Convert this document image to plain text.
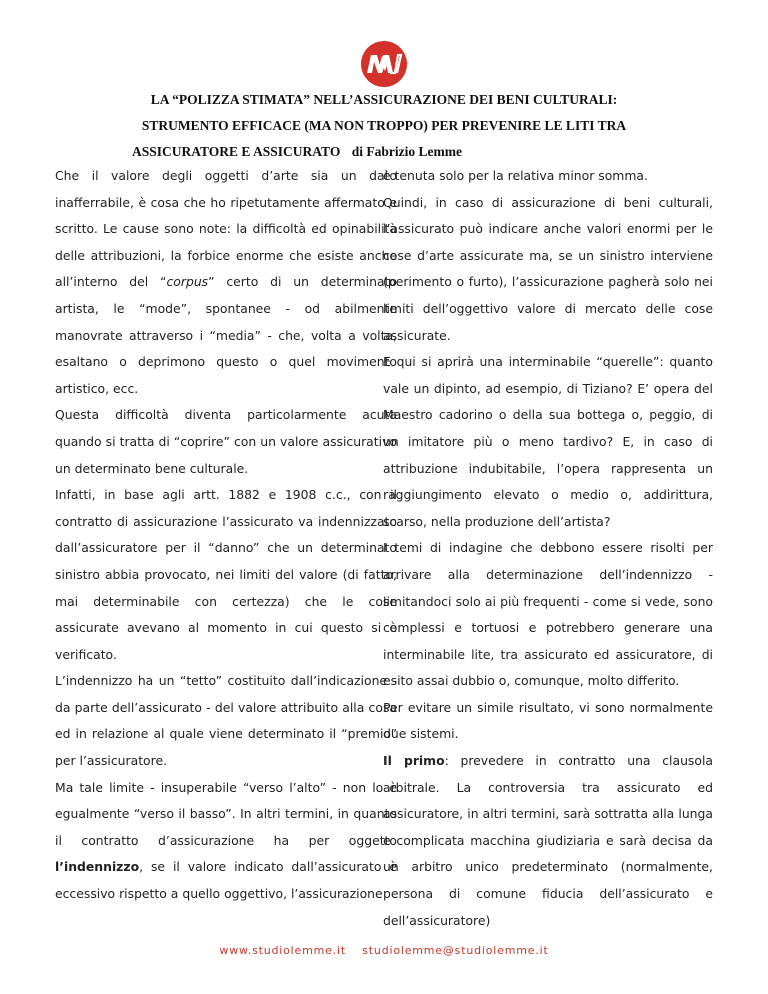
LA “POLIZZA STIMATA” NELL’ASSICURAZIONE DEI BENI CULTURALI:
STRUMENTO EFFICACE (MA NON TROPPO) PER PREVENIRE LE LITI TRA
ASSICURATORE E ASSICURATO di Fabrizio Lemme

Che il valore degli oggetti d’arte sia un dato inafferrabile, è cosa che ho ripetutamente affermato e scritto. Le cause sono note: la difficoltà ed opinabilità delle attribuzioni, la forbice enorme che esiste anche all’interno del “corpus” certo di un determinato artista, le “mode”, spontanee - od abilmente manovrate attraverso i “media” - che, volta a volta, esaltano o deprimono questo o quel movimento artistico, ecc.

Questa difficoltà diventa particolarmente acuta quando si tratta di “coprire” con un valore assicurativo un determinato bene culturale.

Infatti, in base agli artt. 1882 e 1908 c.c., con il contratto di assicurazione l’assicurato va indennizzato dall’assicuratore per il “danno” che un determinato sinistro abbia provocato, nei limiti del valore (di fatto, mai determinabile con certezza) che le cose assicurate avevano al momento in cui questo si è verificato.

L’indennizzo ha un “tetto” costituito dall’indicazione - da parte dell’assicurato - del valore attribuito alla cosa ed in relazione al quale viene determinato il “premio” per l’assicuratore.

Ma tale limite - insuperabile “verso l’alto” - non lo è egualmente “verso il basso”. In altri termini, in quanto il contratto d’assicurazione ha per oggetto l’indennizzo, se il valore indicato dall’assicurato è eccessivo rispetto a quello oggettivo, l’assicurazione

è tenuta solo per la relativa minor somma.

Quindi, in caso di assicurazione di beni culturali, l’assicurato può indicare anche valori enormi per le cose d’arte assicurate ma, se un sinistro interviene (perimento o furto), l’assicurazione pagherà solo nei limiti dell’oggettivo valore di mercato delle cose assicurate.

E qui si aprirà una interminabile “querelle”: quanto vale un dipinto, ad esempio, di Tiziano? E’ opera del Maestro cadorino o della sua bottega o, peggio, di un imitatore più o meno tardivo? E, in caso di attribuzione indubitabile, l’opera rappresenta un raggiungimento elevato o medio o, addirittura, scarso, nella produzione dell’artista?

I temi di indagine che debbono essere risolti per arrivare alla determinazione dell’indennizzo - limitandoci solo ai più frequenti - come si vede, sono complessi e tortuosi e potrebbero generare una interminabile lite, tra assicurato ed assicuratore, di esito assai dubbio o, comunque, molto differito.

Per evitare un simile risultato, vi sono normalmente due sistemi.

Il primo: prevedere in contratto una clausola arbitrale. La controversia tra assicurato ed assicuratore, in altri termini, sarà sottratta alla lunga e complicata macchina giudiziaria e sarà decisa da un arbitro unico predeterminato (normalmente, persona di comune fiducia dell’assicurato e dell’assicuratore)

www.studiolemme.it studiolemme@studiolemme.it
